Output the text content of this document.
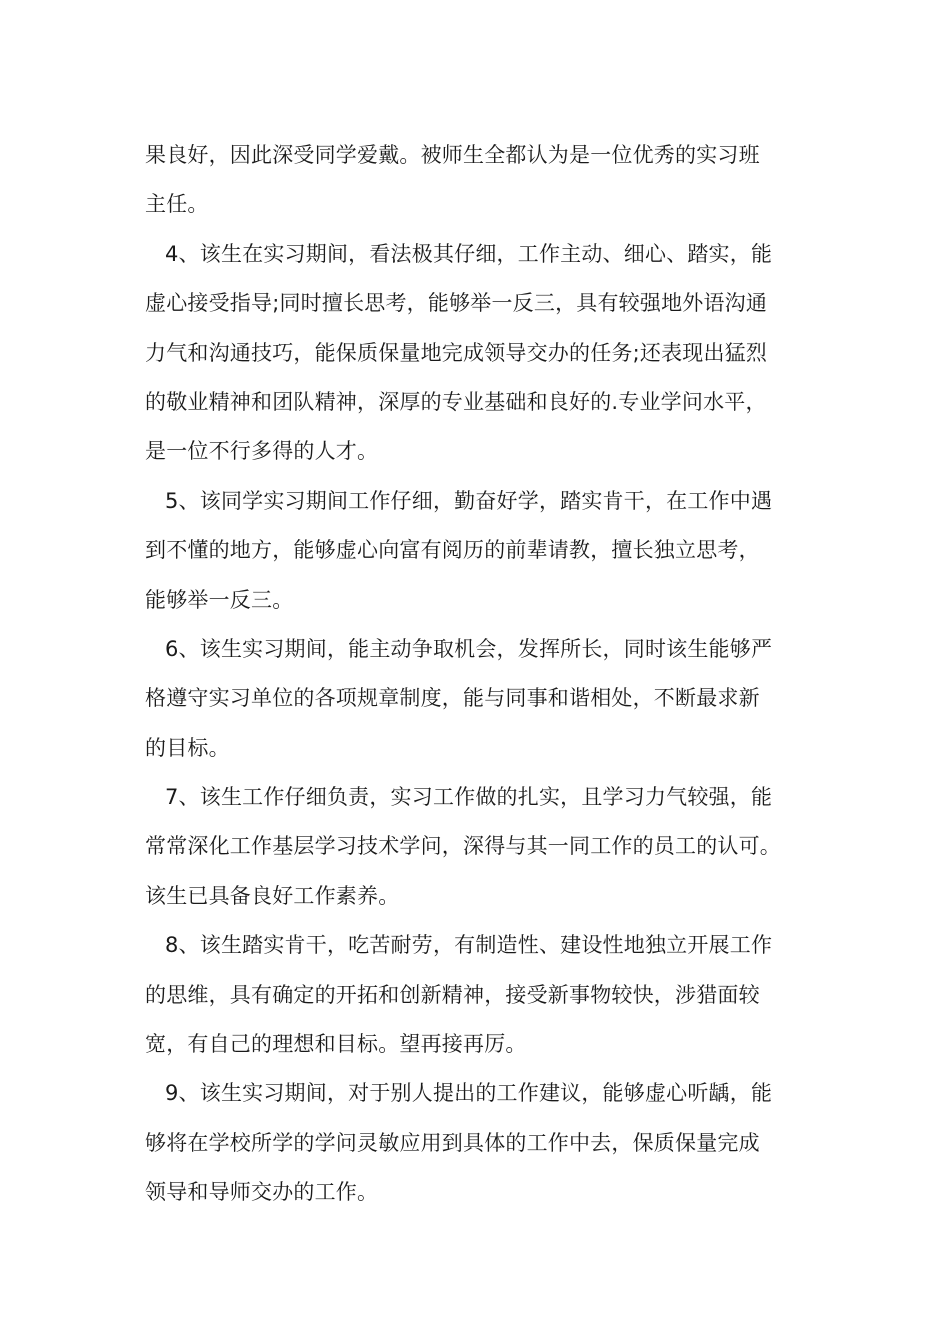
果良好，因此深受同学爱戴。被师生全都认为是一位优秀的实习班
主任。
4、该生在实习期间，看法极其仔细，工作主动、细心、踏实，能
虚心接受指导;同时擅长思考，能够举一反三，具有较强地外语沟通
力气和沟通技巧，能保质保量地完成领导交办的任务;还表现出猛烈
的敬业精神和团队精神，深厚的专业基础和良好的.专业学问水平，
是一位不行多得的人才。
5、该同学实习期间工作仔细，勤奋好学，踏实肯干，在工作中遇
到不懂的地方，能够虚心向富有阅历的前辈请教，擅长独立思考，
能够举一反三。
6、该生实习期间，能主动争取机会，发挥所长，同时该生能够严
格遵守实习单位的各项规章制度，能与同事和谐相处，不断最求新
的目标。
7、该生工作仔细负责，实习工作做的扎实，且学习力气较强，能
常常深化工作基层学习技术学问，深得与其一同工作的员工的认可。
该生已具备良好工作素养。
8、该生踏实肯干，吃苦耐劳，有制造性、建设性地独立开展工作
的思维，具有确定的开拓和创新精神，接受新事物较快，涉猎面较
宽，有自己的理想和目标。望再接再厉。
9、该生实习期间，对于别人提出的工作建议，能够虚心听龋，能
够将在学校所学的学问灵敏应用到具体的工作中去，保质保量完成
领导和导师交办的工作。
